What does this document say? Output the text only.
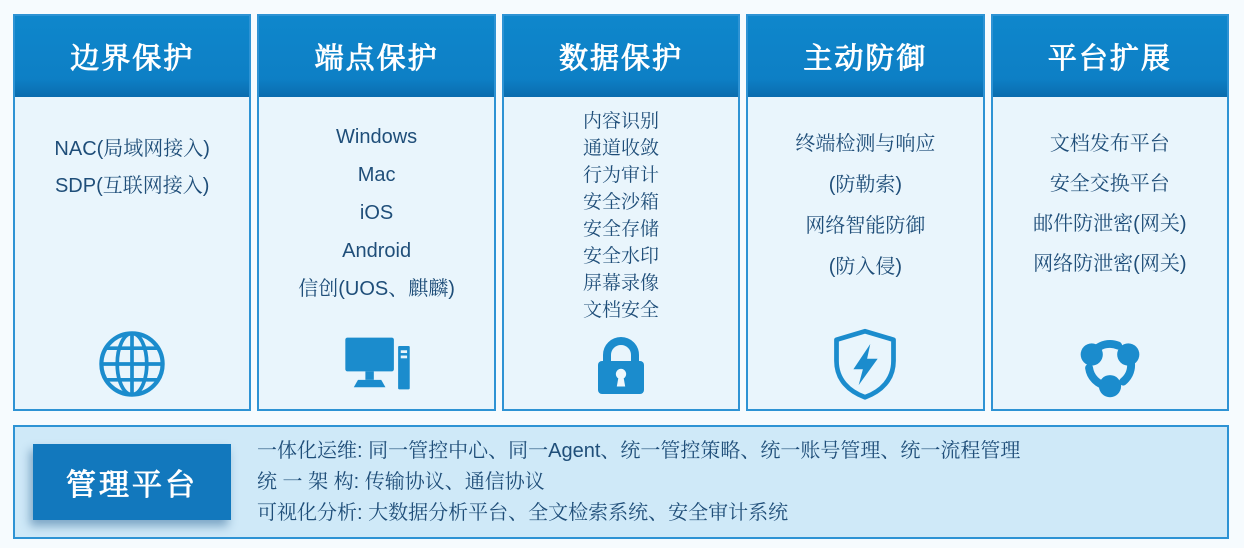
边界保护
NAC(局域网接入)
SDP(互联网接入)
端点保护
Windows
Mac
iOS
Android
信创(UOS、麒麟)
数据保护
内容识别
通道收敛
行为审计
安全沙箱
安全存储
安全水印
屏幕录像
文档安全
主动防御
终端检测与响应
(防勒索)
网络智能防御
(防入侵)
平台扩展
文档发布平台
安全交换平台
邮件防泄密(网关)
网络防泄密(网关)
管理平台
一体化运维: 同一管控中心、同一Agent、统一管控策略、统一账号管理、统一流程管理
统 一 架 构: 传输协议、通信协议
可视化分析: 大数据分析平台、全文检索系统、安全审计系统
